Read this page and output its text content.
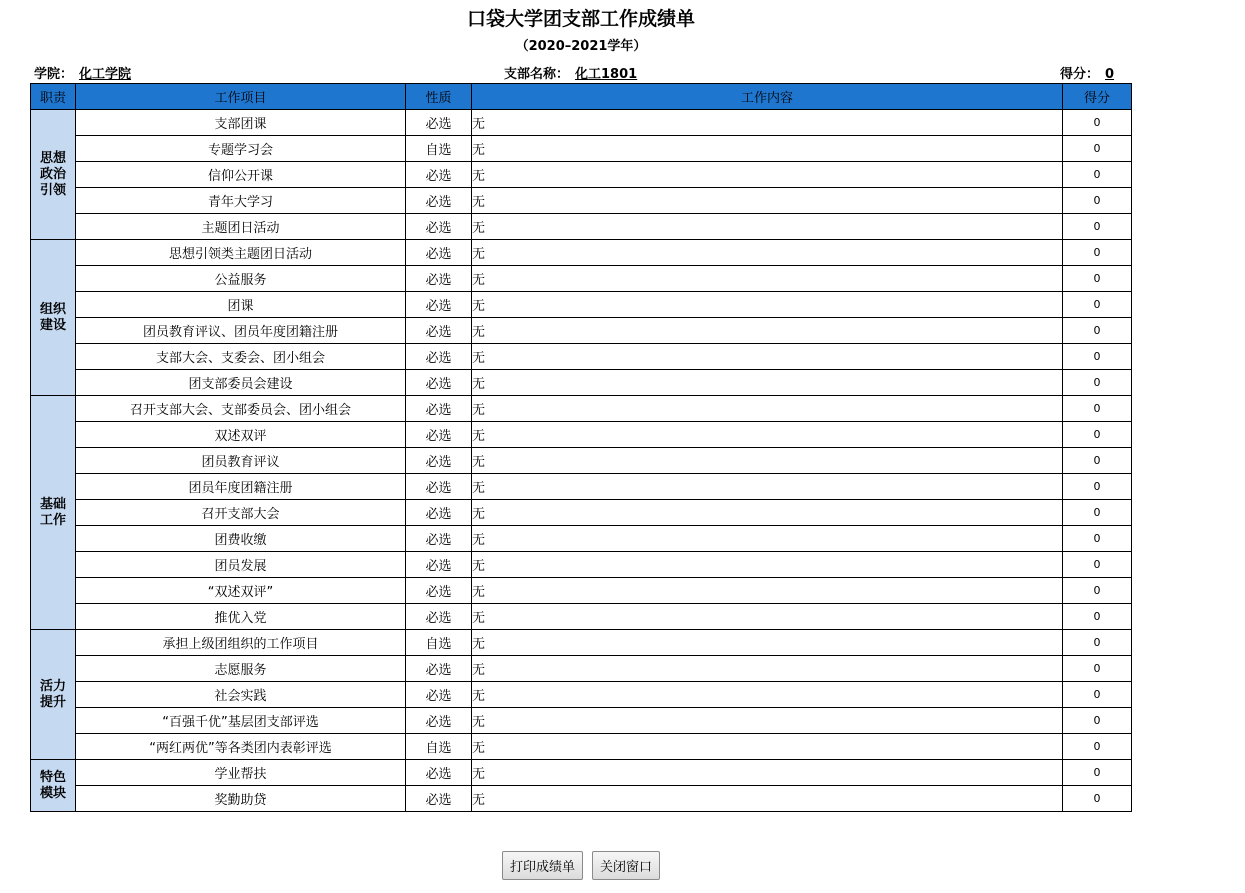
口袋大学团支部工作成绩单
（2020–2021学年）
学院： 化工学院	支部名称： 化工1801	得分： 0
职责	工作项目	性质	工作内容	得分
思想政治引领	支部团课	必选	无	0
	专题学习会	自选	无	0
	信仰公开课	必选	无	0
	青年大学习	必选	无	0
	主题团日活动	必选	无	0
组织建设	思想引领类主题团日活动	必选	无	0
	公益服务	必选	无	0
	团课	必选	无	0
	团员教育评议、团员年度团籍注册	必选	无	0
	支部大会、支委会、团小组会	必选	无	0
	团支部委员会建设	必选	无	0
基础工作	召开支部大会、支部委员会、团小组会	必选	无	0
	双述双评	必选	无	0
	团员教育评议	必选	无	0
	团员年度团籍注册	必选	无	0
	召开支部大会	必选	无	0
	团费收缴	必选	无	0
	团员发展	必选	无	0
	“双述双评”	必选	无	0
	推优入党	必选	无	0
活力提升	承担上级团组织的工作项目	自选	无	0
	志愿服务	必选	无	0
	社会实践	必选	无	0
	“百强千优”基层团支部评选	必选	无	0
	“两红两优”等各类团内表彰评选	自选	无	0
特色模块	学业帮扶	必选	无	0
	奖勤助贷	必选	无	0
打印成绩单 关闭窗口
